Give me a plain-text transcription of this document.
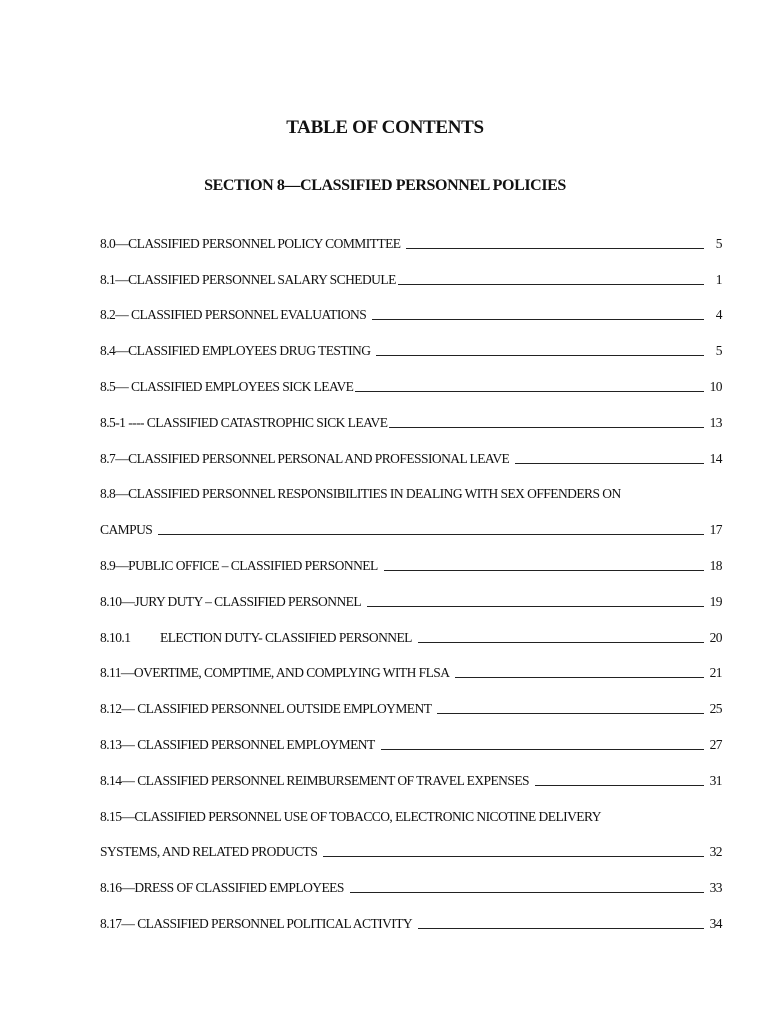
TABLE OF CONTENTS
SECTION 8—CLASSIFIED PERSONNEL POLICIES
8.0—CLASSIFIED PERSONNEL POLICY COMMITTEE	5
8.1—CLASSIFIED PERSONNEL SALARY SCHEDULE	1
8.2— CLASSIFIED PERSONNEL EVALUATIONS	4
8.4—CLASSIFIED EMPLOYEES DRUG TESTING	5
8.5— CLASSIFIED EMPLOYEES SICK LEAVE	10
8.5-1 ---- CLASSIFIED CATASTROPHIC SICK LEAVE	13
8.7—CLASSIFIED PERSONNEL PERSONAL AND PROFESSIONAL LEAVE	14
8.8—CLASSIFIED PERSONNEL RESPONSIBILITIES IN DEALING WITH SEX OFFENDERS ON
CAMPUS	17
8.9—PUBLIC OFFICE – CLASSIFIED PERSONNEL	18
8.10—JURY DUTY – CLASSIFIED PERSONNEL	19
8.10.1 ELECTION DUTY- CLASSIFIED PERSONNEL	20
8.11—OVERTIME, COMPTIME, AND COMPLYING WITH FLSA	21
8.12— CLASSIFIED PERSONNEL OUTSIDE EMPLOYMENT	25
8.13— CLASSIFIED PERSONNEL EMPLOYMENT	27
8.14— CLASSIFIED PERSONNEL REIMBURSEMENT OF TRAVEL EXPENSES	31
8.15—CLASSIFIED PERSONNEL USE OF TOBACCO, ELECTRONIC NICOTINE DELIVERY
SYSTEMS, AND RELATED PRODUCTS	32
8.16—DRESS OF CLASSIFIED EMPLOYEES	33
8.17— CLASSIFIED PERSONNEL POLITICAL ACTIVITY	34
